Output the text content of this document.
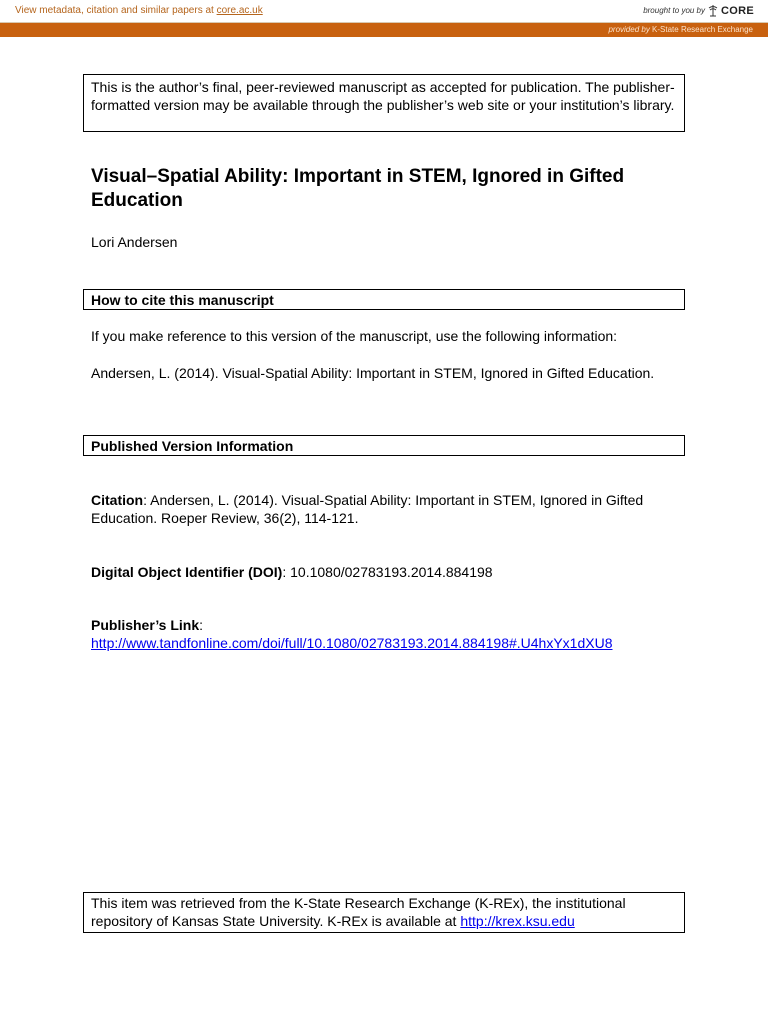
View metadata, citation and similar papers at core.ac.uk	brought to you by CORE
provided by K-State Research Exchange
This is the author’s final, peer-reviewed manuscript as accepted for publication. The publisher-formatted version may be available through the publisher’s web site or your institution’s library.
Visual–Spatial Ability: Important in STEM, Ignored in Gifted Education
Lori Andersen
How to cite this manuscript
If you make reference to this version of the manuscript, use the following information:
Andersen, L. (2014). Visual-Spatial Ability: Important in STEM, Ignored in Gifted Education.
Published Version Information
Citation: Andersen, L. (2014). Visual-Spatial Ability: Important in STEM, Ignored in Gifted Education. Roeper Review, 36(2), 114-121.
Digital Object Identifier (DOI): 10.1080/02783193.2014.884198
Publisher’s Link:
http://www.tandfonline.com/doi/full/10.1080/02783193.2014.884198#.U4hxYx1dXU8
This item was retrieved from the K-State Research Exchange (K-REx), the institutional repository of Kansas State University. K-REx is available at http://krex.ksu.edu
